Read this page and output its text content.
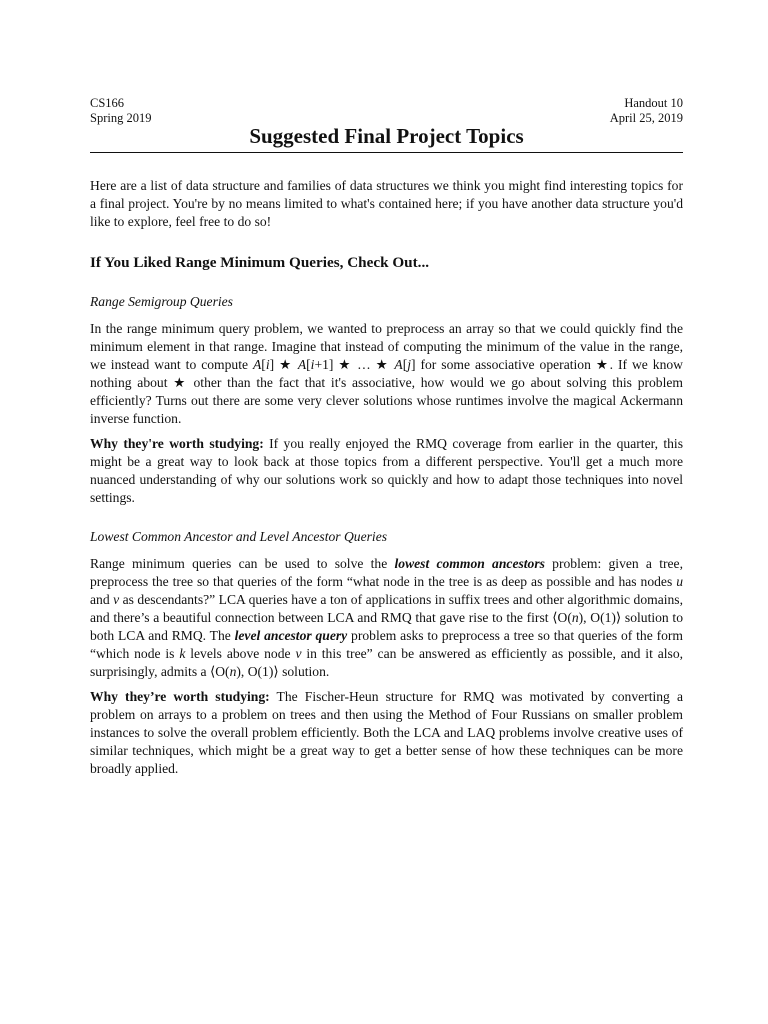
CS166	Handout 10
Spring 2019	April 25, 2019
Suggested Final Project Topics

Here are a list of data structure and families of data structures we think you might find interesting topics for a final project. You're by no means limited to what's contained here; if you have another data structure you'd like to explore, feel free to do so!

If You Liked Range Minimum Queries, Check Out...
Range Semigroup Queries

In the range minimum query problem, we wanted to preprocess an array so that we could quickly find the minimum element in that range. Imagine that instead of computing the minimum of the value in the range, we instead want to compute A[i] ★ A[i+1] ★ … ★ A[j] for some associative operation ★. If we know nothing about ★ other than the fact that it's associative, how would we go about solving this problem efficiently? Turns out there are some very clever solutions whose runtimes involve the magical Ackermann inverse function.

Why they're worth studying: If you really enjoyed the RMQ coverage from earlier in the quarter, this might be a great way to look back at those topics from a different perspective. You'll get a much more nuanced understanding of why our solutions work so quickly and how to adapt those techniques into novel settings.

Lowest Common Ancestor and Level Ancestor Queries

Range minimum queries can be used to solve the lowest common ancestors problem: given a tree, preprocess the tree so that queries of the form “what node in the tree is as deep as possible and has nodes u and v as descendants?” LCA queries have a ton of applications in suffix trees and other algorithmic domains, and there’s a beautiful connection between LCA and RMQ that gave rise to the first ⟨O(n), O(1)⟩ solution to both LCA and RMQ. The level ancestor query problem asks to preprocess a tree so that queries of the form “which node is k levels above node v in this tree” can be answered as efficiently as possible, and it also, surprisingly, admits a ⟨O(n), O(1)⟩ solution.

Why they’re worth studying: The Fischer-Heun structure for RMQ was motivated by converting a problem on arrays to a problem on trees and then using the Method of Four Russians on smaller problem instances to solve the overall problem efficiently. Both the LCA and LAQ problems involve creative uses of similar techniques, which might be a great way to get a better sense of how these techniques can be more broadly applied.
